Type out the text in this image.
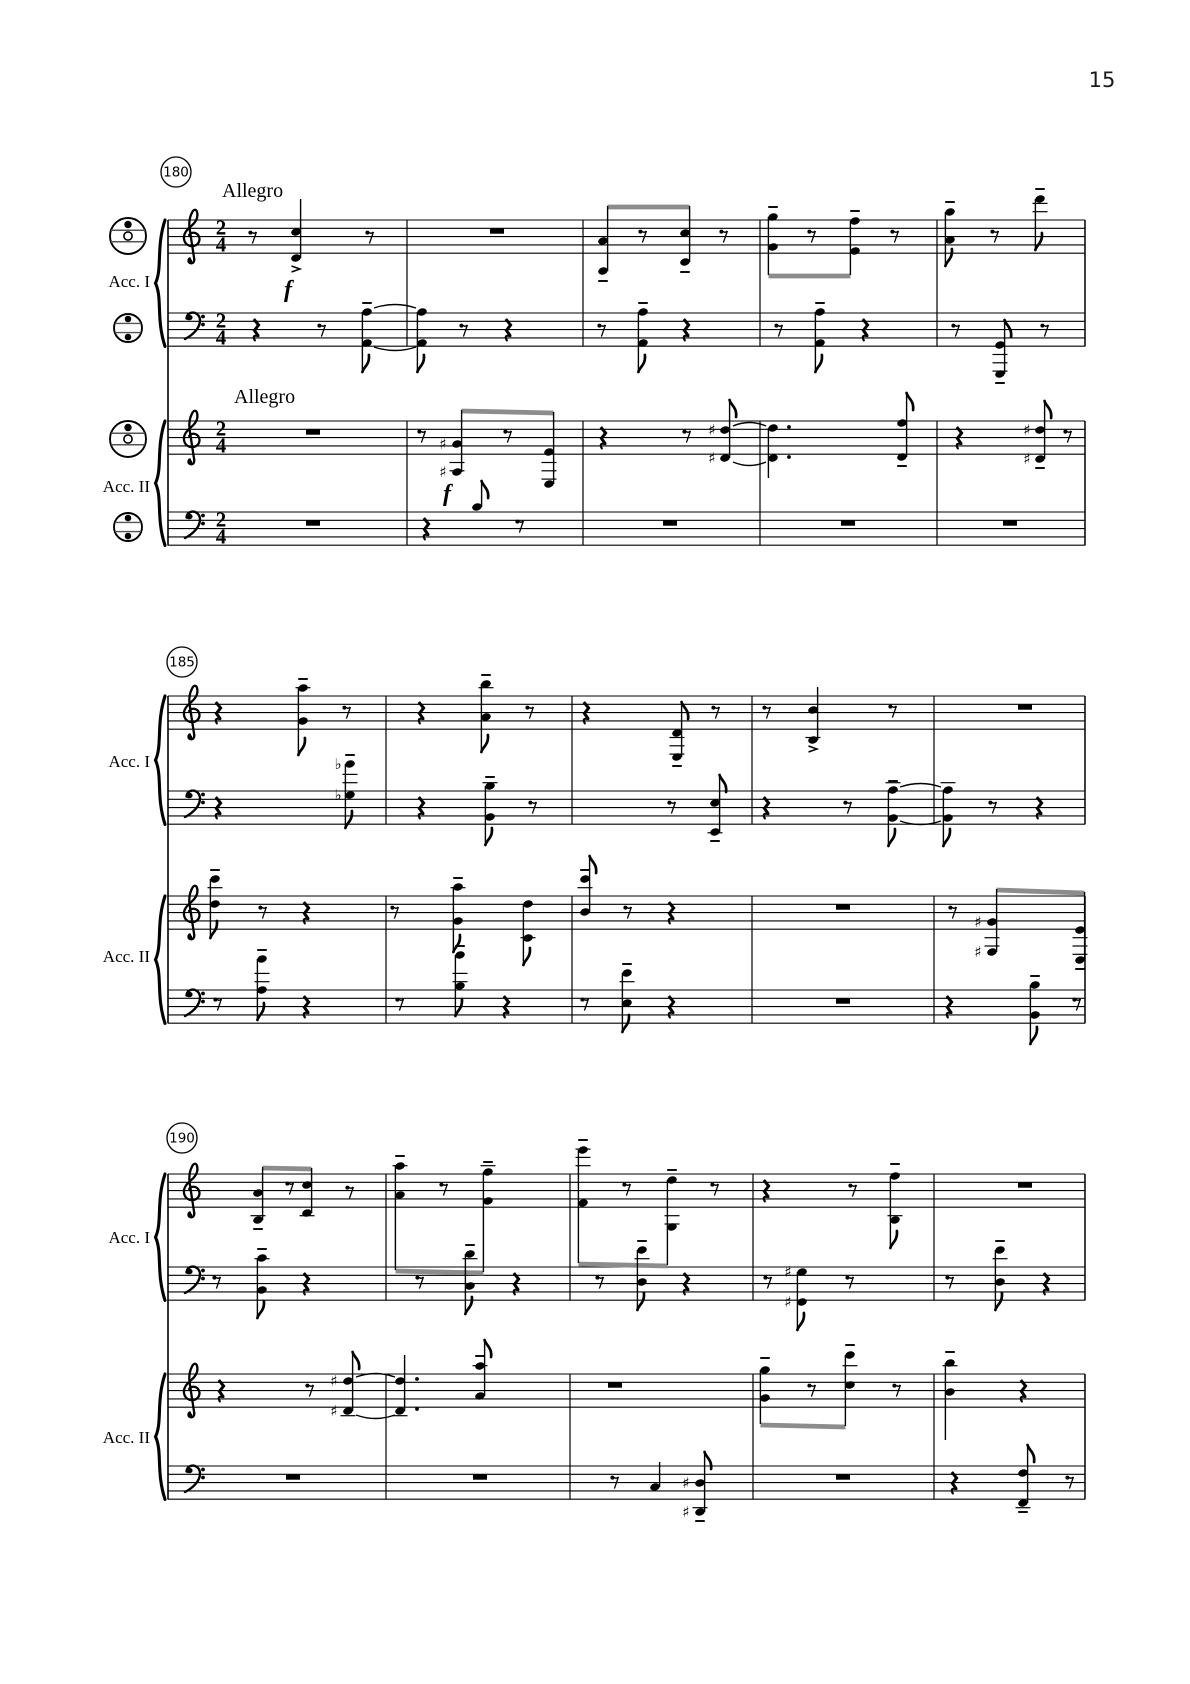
15
2
4
2
4
2
4
2
4
180
Allegro
Allegro
Acc. I
Acc. II
f
f
♯
♯
♯
♯
♯
♯
185
Acc. I
Acc. II
♭
♭
♯
♯
190
Acc. I
Acc. II
♯
♯
♯
♯
♯
♯
